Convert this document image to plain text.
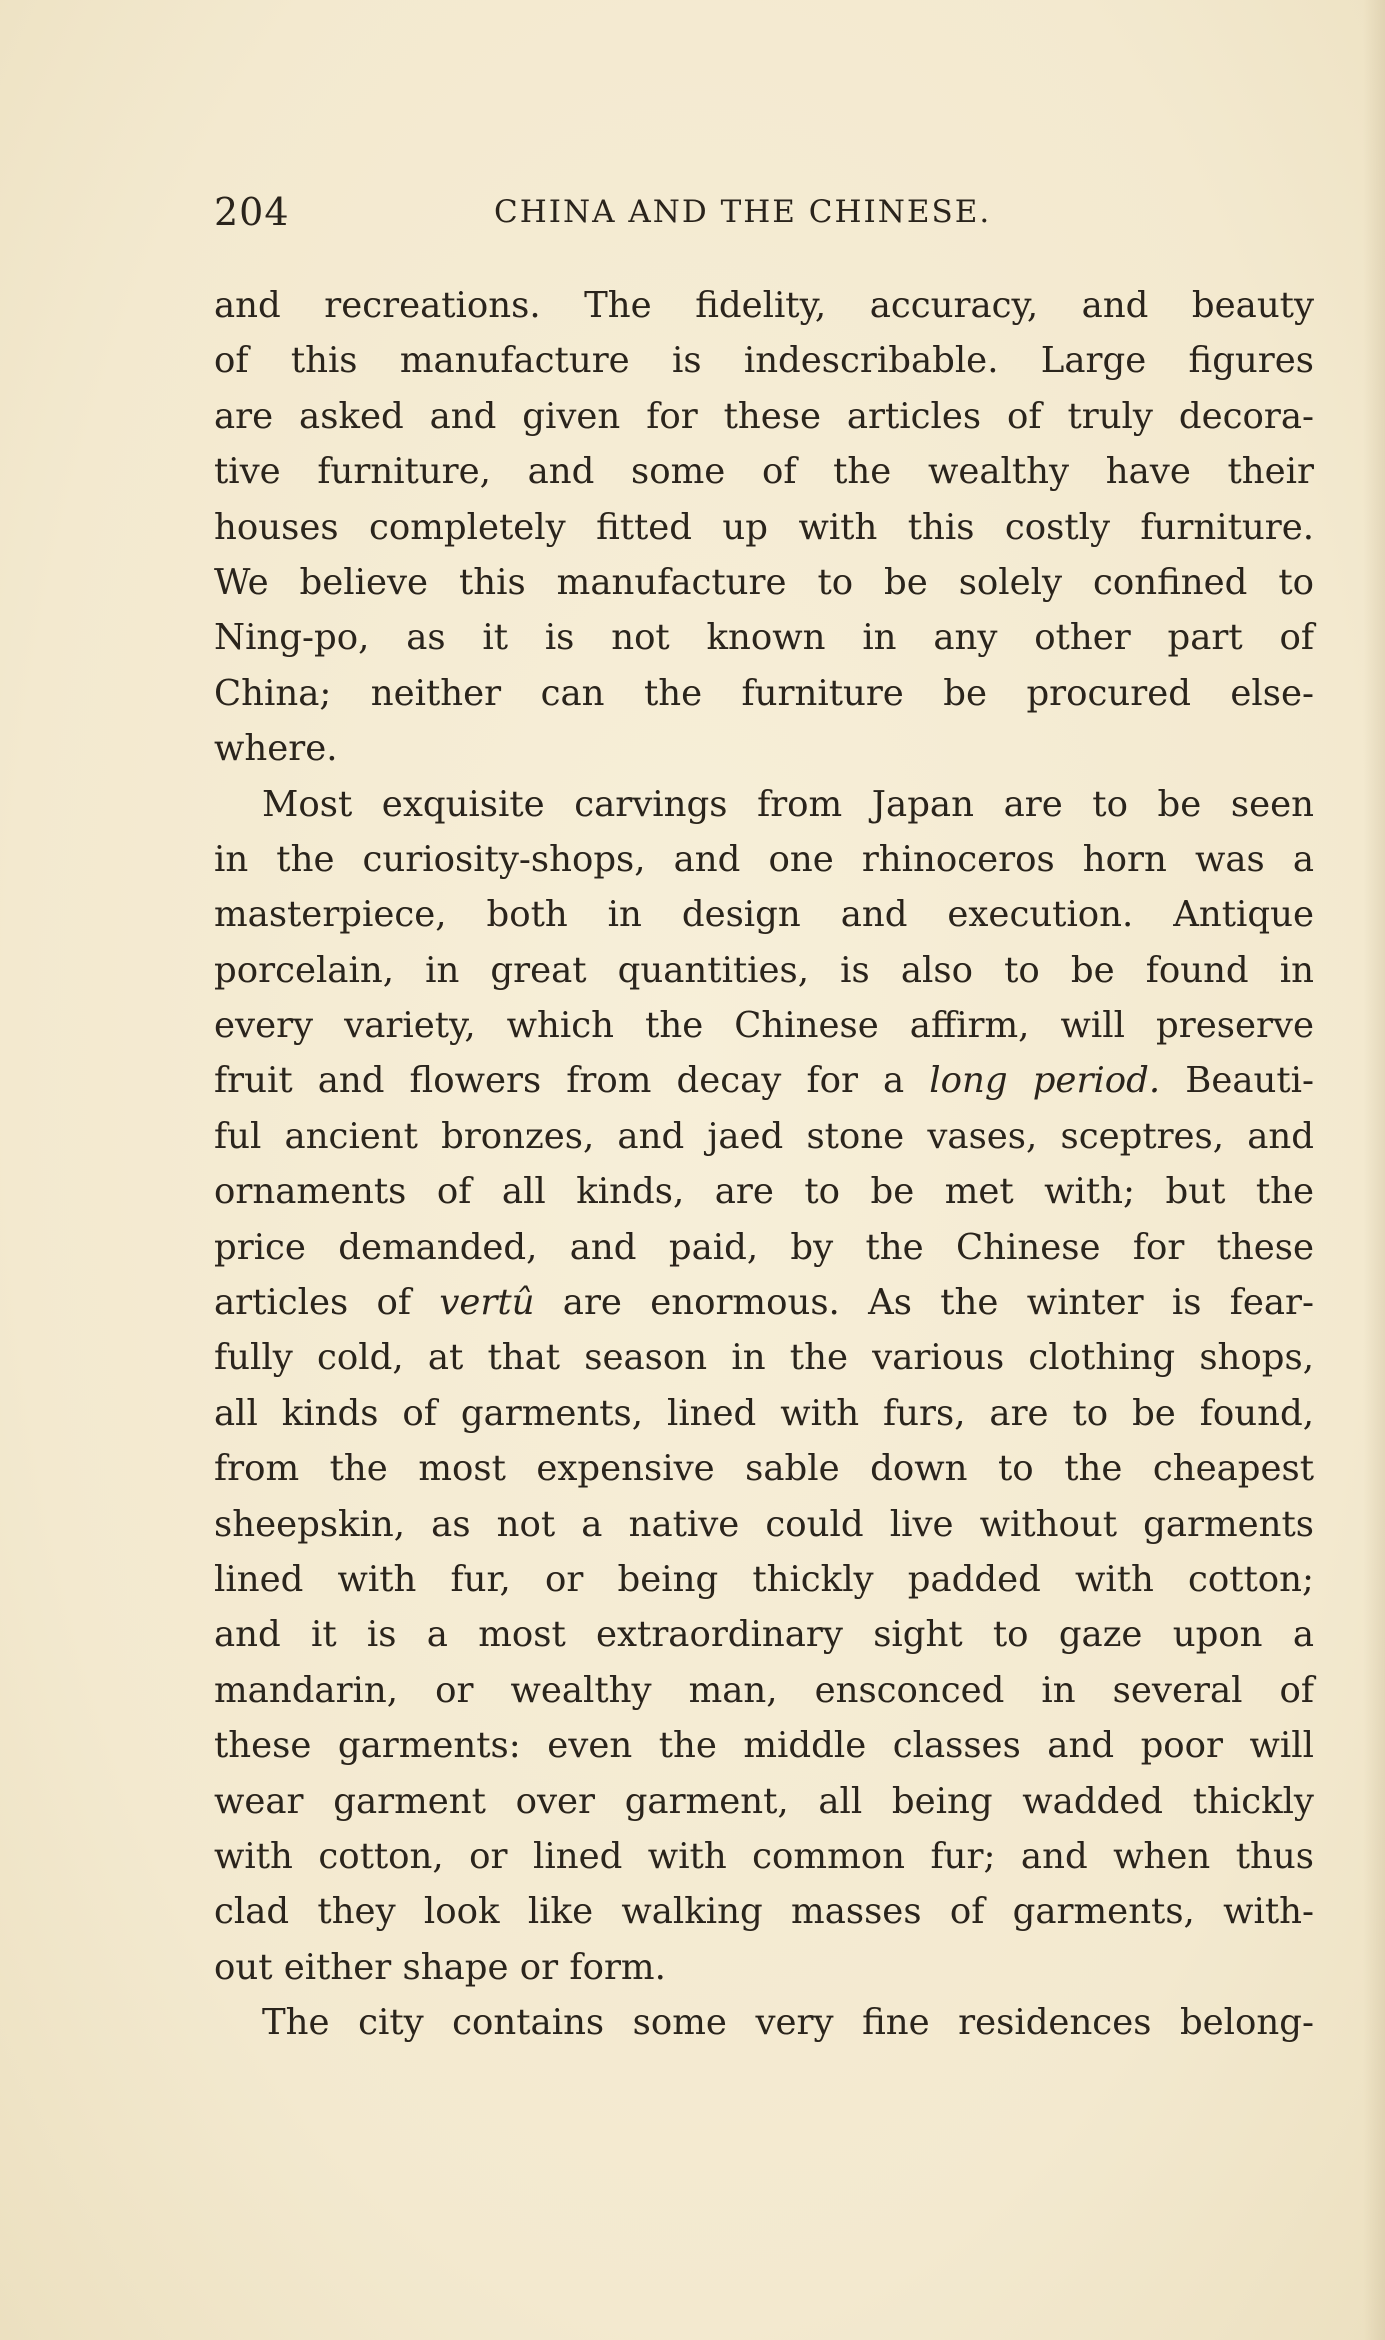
204	CHINA AND THE CHINESE.
and recreations. The fidelity, accuracy, and beauty
of this manufacture is indescribable. Large figures
are asked and given for these articles of truly decora-
tive furniture, and some of the wealthy have their
houses completely fitted up with this costly furniture.
We believe this manufacture to be solely confined to
Ning-po, as it is not known in any other part of
China; neither can the furniture be procured else-
where.
Most exquisite carvings from Japan are to be seen
in the curiosity-shops, and one rhinoceros horn was a
masterpiece, both in design and execution. Antique
porcelain, in great quantities, is also to be found in
every variety, which the Chinese affirm, will preserve
fruit and flowers from decay for a long period. Beauti-
ful ancient bronzes, and jaed stone vases, sceptres, and
ornaments of all kinds, are to be met with; but the
price demanded, and paid, by the Chinese for these
articles of vertû are enormous. As the winter is fear-
fully cold, at that season in the various clothing shops,
all kinds of garments, lined with furs, are to be found,
from the most expensive sable down to the cheapest
sheepskin, as not a native could live without garments
lined with fur, or being thickly padded with cotton;
and it is a most extraordinary sight to gaze upon a
mandarin, or wealthy man, ensconced in several of
these garments: even the middle classes and poor will
wear garment over garment, all being wadded thickly
with cotton, or lined with common fur; and when thus
clad they look like walking masses of garments, with-
out either shape or form.
The city contains some very fine residences belong-
